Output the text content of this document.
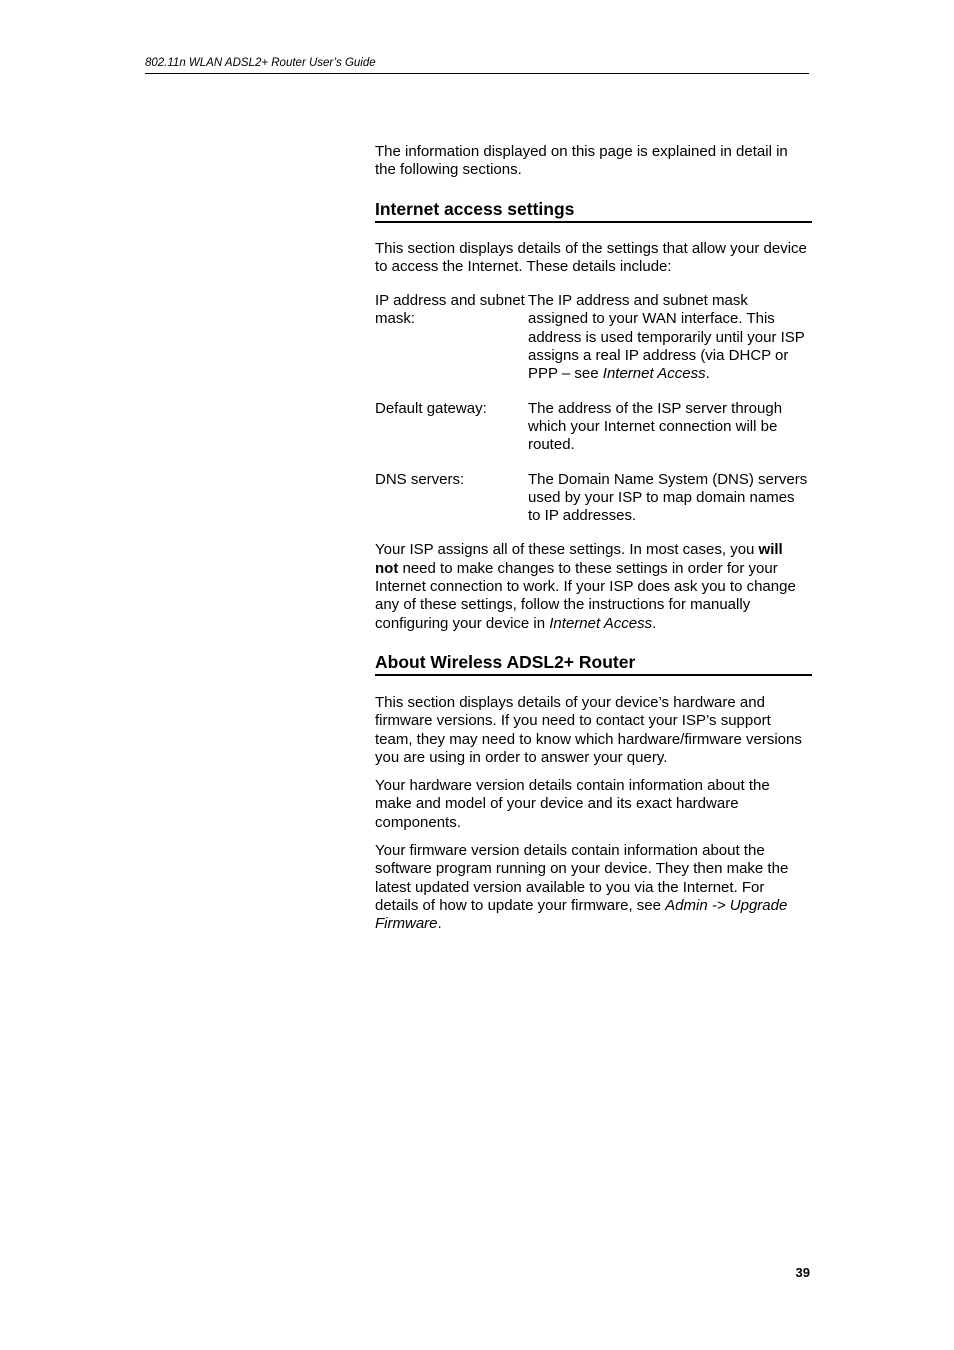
802.11n WLAN ADSL2+ Router User’s Guide

The information displayed on this page is explained in detail in the following sections.

Internet access settings

This section displays details of the settings that allow your device to access the Internet. These details include:

IP address and subnet mask:
The IP address and subnet mask assigned to your WAN interface. This address is used temporarily until your ISP assigns a real IP address (via DHCP or PPP – see Internet Access.
Default gateway:	The address of the ISP server through which your Internet connection will be routed.
DNS servers:	The Domain Name System (DNS) servers used by your ISP to map domain names to IP addresses.

Your ISP assigns all of these settings. In most cases, you will not need to make changes to these settings in order for your Internet connection to work. If your ISP does ask you to change any of these settings, follow the instructions for manually configuring your device in Internet Access.

About Wireless ADSL2+ Router

This section displays details of your device’s hardware and firmware versions. If you need to contact your ISP’s support team, they may need to know which hardware/firmware versions you are using in order to answer your query.

Your hardware version details contain information about the make and model of your device and its exact hardware components.

Your firmware version details contain information about the software program running on your device. They then make the latest updated version available to you via the Internet. For details of how to update your firmware, see Admin -> Upgrade Firmware.

39
